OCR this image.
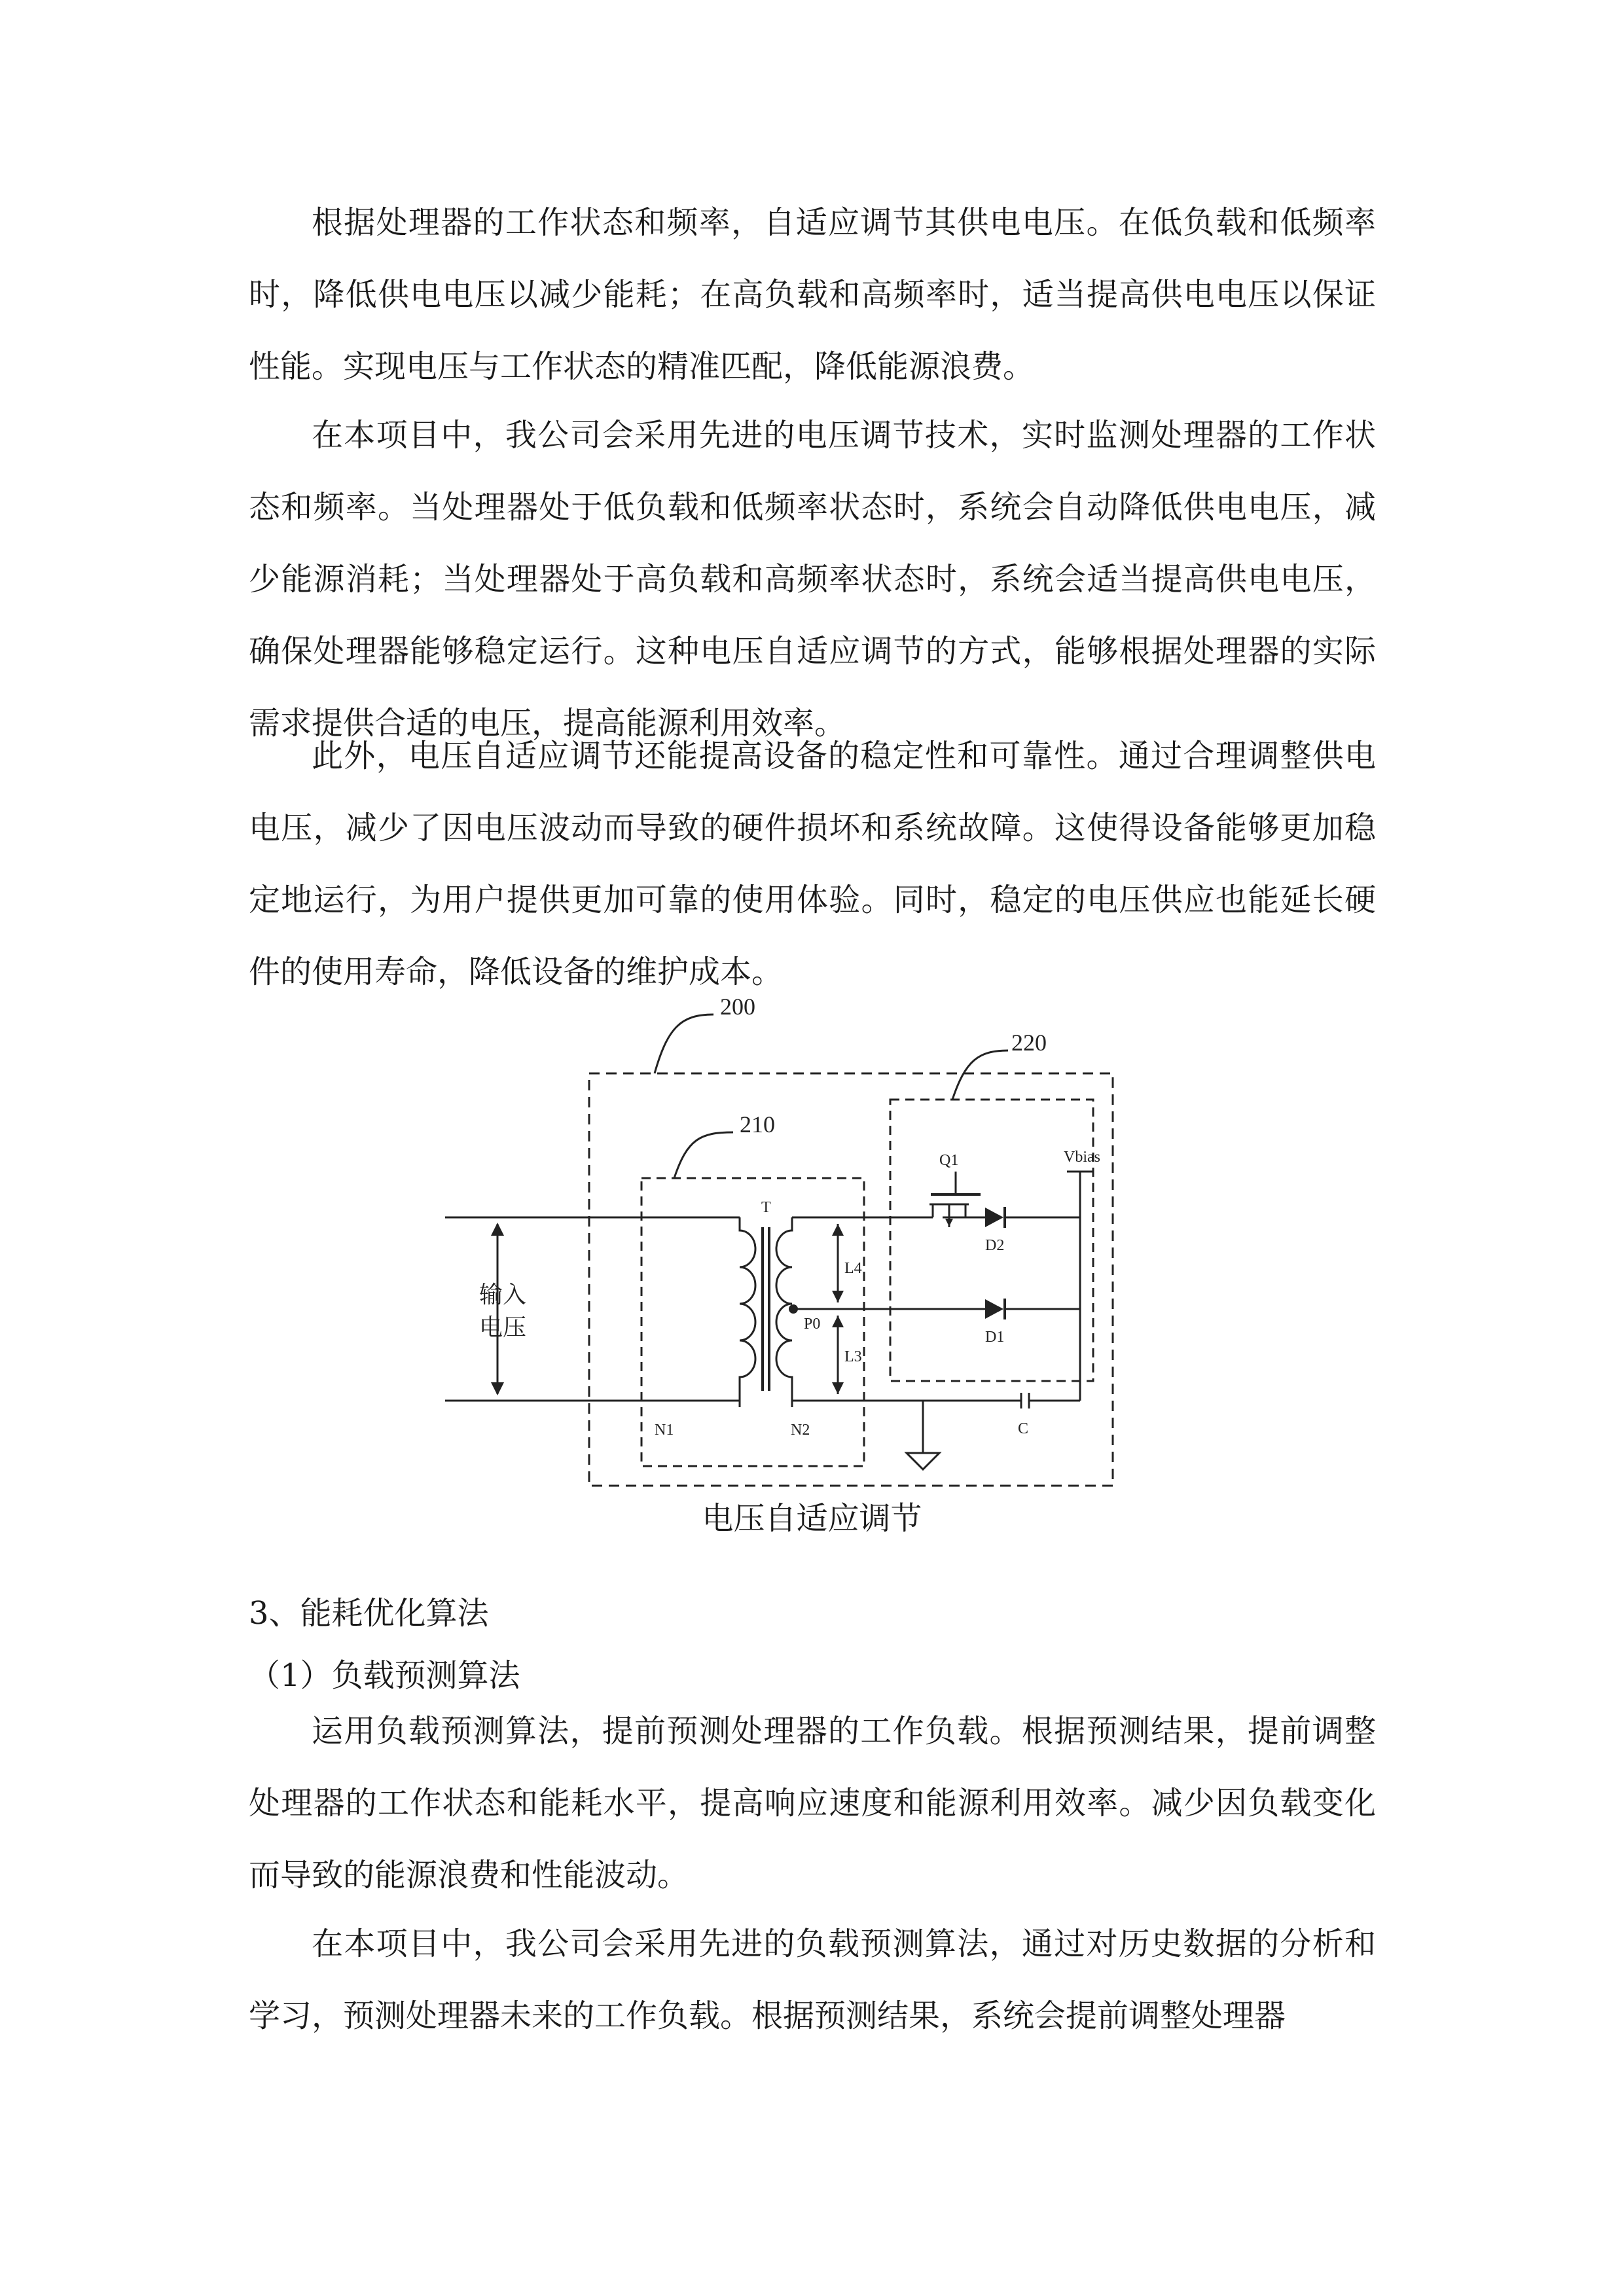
根据处理器的工作状态和频率，自适应调节其供电电压。在低负载和低频率时，降低供电电压以减少能耗；在高负载和高频率时，适当提高供电电压以保证性能。实现电压与工作状态的精准匹配，降低能源浪费。

在本项目中，我公司会采用先进的电压调节技术，实时监测处理器的工作状态和频率。当处理器处于低负载和低频率状态时，系统会自动降低供电电压，减少能源消耗；当处理器处于高负载和高频率状态时，系统会适当提高供电电压，确保处理器能够稳定运行。这种电压自适应调节的方式，能够根据处理器的实际需求提供合适的电压，提高能源利用效率。

此外，电压自适应调节还能提高设备的稳定性和可靠性。通过合理调整供电电压，减少了因电压波动而导致的硬件损坏和系统故障。这使得设备能够更加稳定地运行，为用户提供更加可靠的使用体验。同时，稳定的电压供应也能延长硬件的使用寿命，降低设备的维护成本。

200
210
220
Q1	Vbias
T
L4
L3
P0
D2
D1
N1	N2	C
输入
电压

电压自适应调节

3、能耗优化算法

（1）负载预测算法

运用负载预测算法，提前预测处理器的工作负载。根据预测结果，提前调整处理器的工作状态和能耗水平，提高响应速度和能源利用效率。减少因负载变化而导致的能源浪费和性能波动。

在本项目中，我公司会采用先进的负载预测算法，通过对历史数据的分析和学习，预测处理器未来的工作负载。根据预测结果，系统会提前调整处理器
